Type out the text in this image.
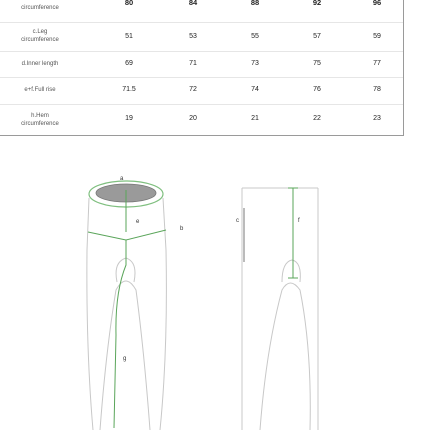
circumference
80	84	88	92	96
c.Leg
circumference	51	53	55	57	59
d.Inner length	69	71	73	75	77
e+f.Full rise	71.5	72	74	76	78
h.Hem
circumference
19	20	21	22	23
a
e
b
g
c	f
